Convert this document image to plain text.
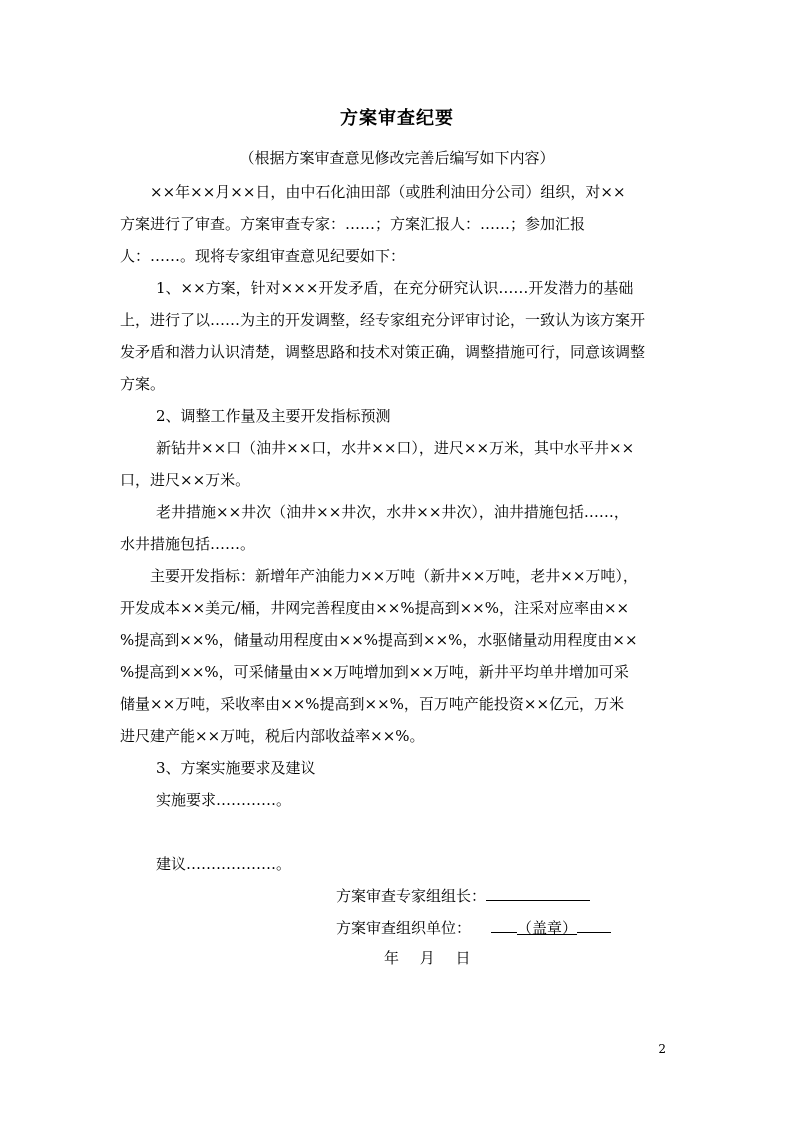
方案审查纪要
（根据方案审查意见修改完善后编写如下内容）
××年××月××日，由中石化油田部（或胜利油田分公司）组织，对××
方案进行了审查。方案审查专家：……；方案汇报人：……；参加汇报
人：……。现将专家组审查意见纪要如下：
1、××方案，针对×××开发矛盾，在充分研究认识……开发潜力的基础
上，进行了以……为主的开发调整，经专家组充分评审讨论，一致认为该方案开
发矛盾和潜力认识清楚，调整思路和技术对策正确，调整措施可行，同意该调整
方案。
2、调整工作量及主要开发指标预测
新钻井××口（油井××口，水井××口），进尺××万米，其中水平井××
口，进尺××万米。
老井措施××井次（油井××井次，水井××井次），油井措施包括……，
水井措施包括……。
主要开发指标：新增年产油能力××万吨（新井××万吨，老井××万吨），
开发成本××美元/桶，井网完善程度由××%提高到××%，注采对应率由××
%提高到××%，储量动用程度由××%提高到××%，水驱储量动用程度由××
%提高到××%，可采储量由××万吨增加到××万吨，新井平均单井增加可采
储量××万吨，采收率由××%提高到××%，百万吨产能投资××亿元，万米
进尺建产能××万吨，税后内部收益率××%。
3、方案实施要求及建议
实施要求…………。
建议………………。
方案审查专家组组长：
方案审查组织单位：	（盖章）
年 月 日
2
